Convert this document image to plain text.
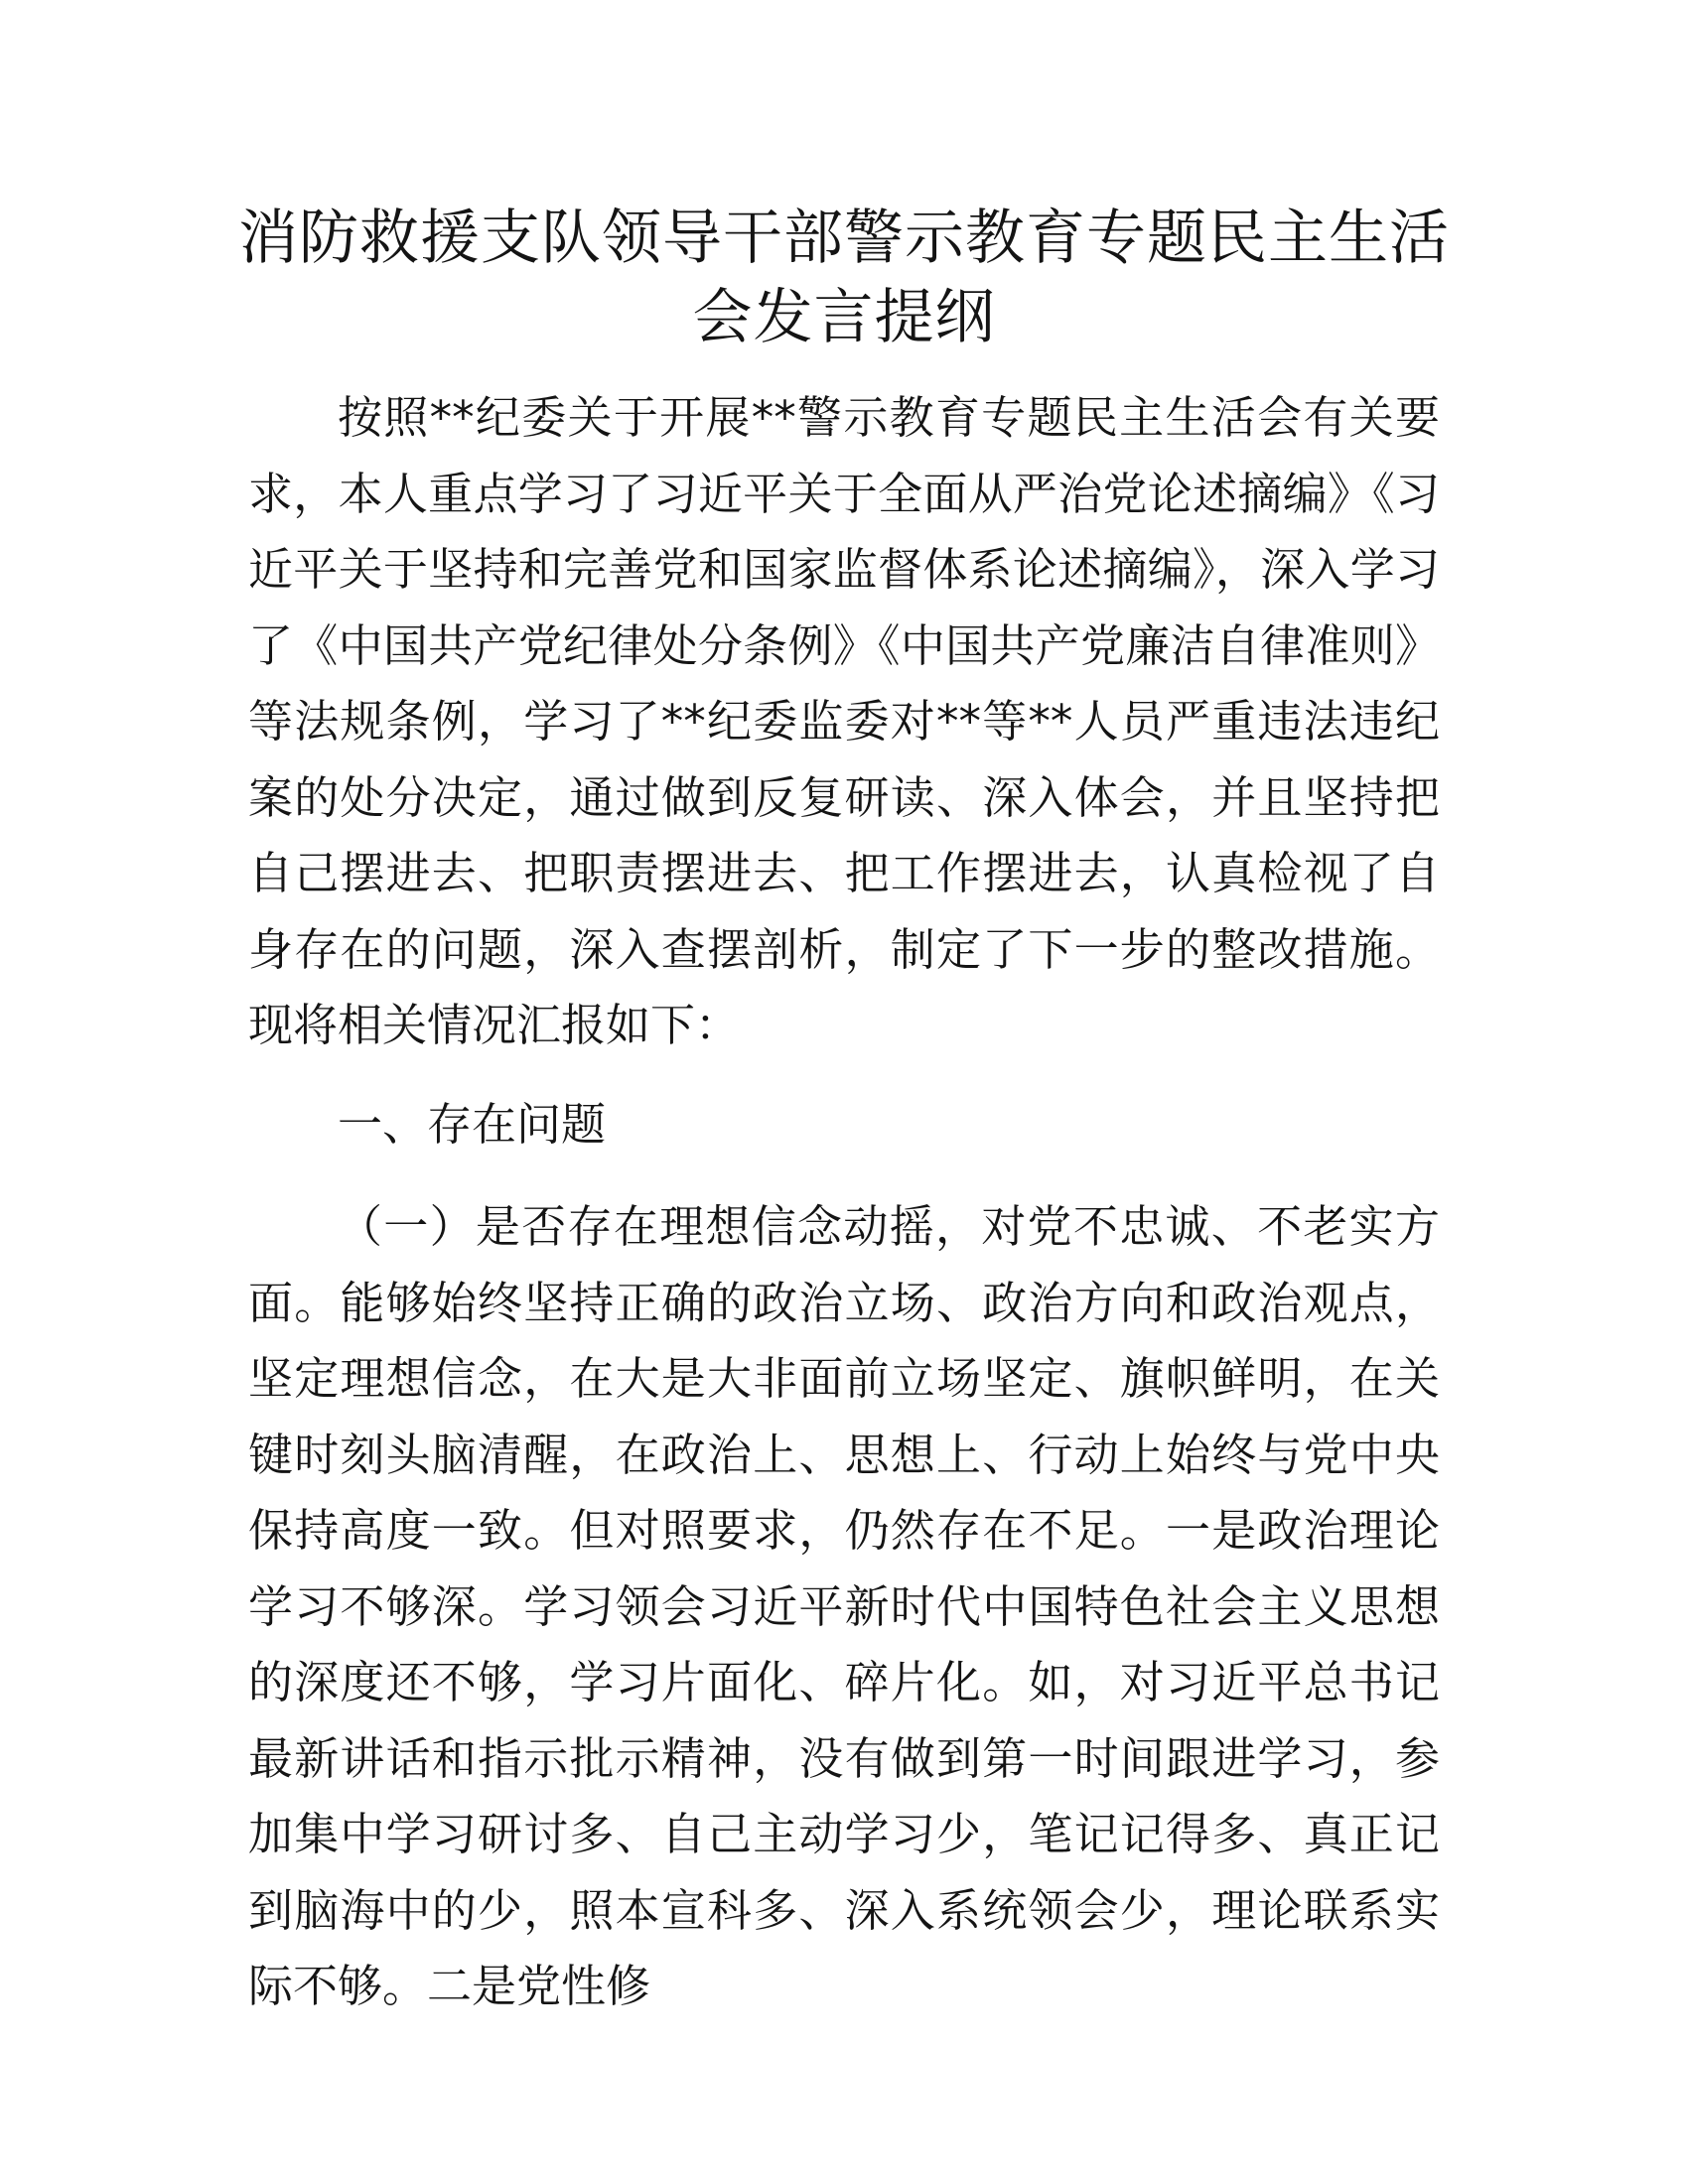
消防救援支队领导干部警示教育专题民主生活
会发言提纲

按照**纪委关于开展**警示教育专题民主生活会有关要求，本人重点学习了习近平关于全面从严治党论述摘编》《习近平关于坚持和完善党和国家监督体系论述摘编》，深入学习了《中国共产党纪律处分条例》《中国共产党廉洁自律准则》等法规条例，学习了**纪委监委对**等**人员严重违法违纪案的处分决定，通过做到反复研读、深入体会，并且坚持把自己摆进去、把职责摆进去、把工作摆进去，认真检视了自身存在的问题，深入查摆剖析，制定了下一步的整改措施。现将相关情况汇报如下：

一、存在问题

（一）是否存在理想信念动摇，对党不忠诚、不老实方面。能够始终坚持正确的政治立场、政治方向和政治观点，坚定理想信念，在大是大非面前立场坚定、旗帜鲜明，在关键时刻头脑清醒，在政治上、思想上、行动上始终与党中央保持高度一致。但对照要求，仍然存在不足。一是政治理论学习不够深。学习领会习近平新时代中国特色社会主义思想的深度还不够，学习片面化、碎片化。如，对习近平总书记最新讲话和指示批示精神，没有做到第一时间跟进学习，参加集中学习研讨多、自己主动学习少，笔记记得多、真正记到脑海中的少，照本宣科多、深入系统领会少，理论联系实际不够。二是党性修
